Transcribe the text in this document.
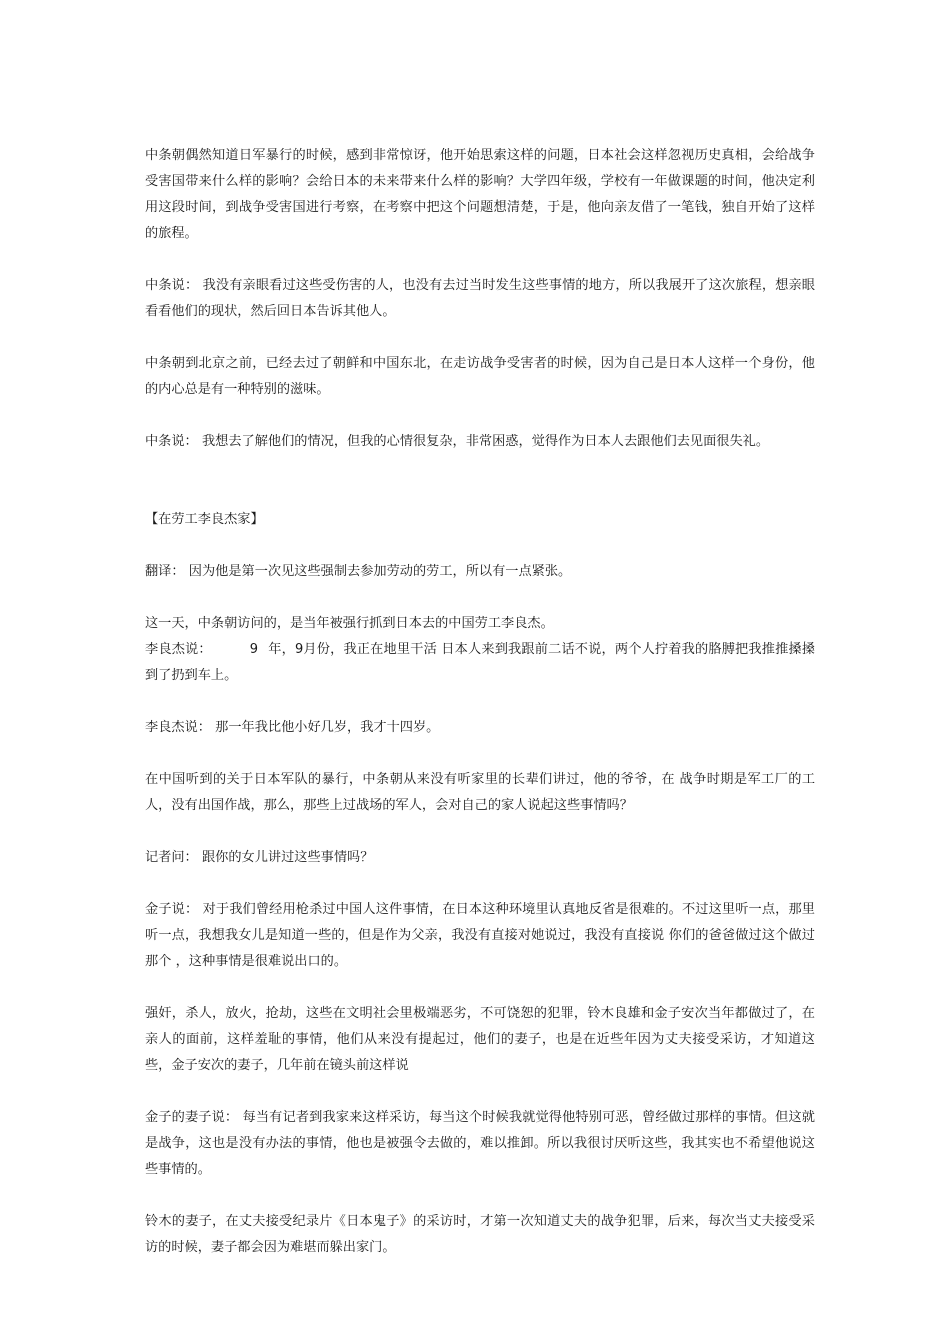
中条朝偶然知道日军暴行的时候，感到非常惊讶，他开始思索这样的问题，日本社会这样忽视历史真相，会给战争受害国带来什么样的影响？会给日本的未来带来什么样的影响？大学四年级，学校有一年做课题的时间，他决定利用这段时间，到战争受害国进行考察，在考察中把这个问题想清楚，于是，他向亲友借了一笔钱，独自开始了这样的旅程。

中条说： 我没有亲眼看过这些受伤害的人，也没有去过当时发生这些事情的地方，所以我展开了这次旅程，想亲眼看看他们的现状，然后回日本告诉其他人。

中条朝到北京之前，已经去过了朝鲜和中国东北，在走访战争受害者的时候，因为自己是日本人这样一个身份，他的内心总是有一种特别的滋味。

中条说： 我想去了解他们的情况，但我的心情很复杂，非常困惑，觉得作为日本人去跟他们去见面很失礼。

【在劳工李良杰家】

翻译： 因为他是第一次见这些强制去参加劳动的劳工，所以有一点紧张。

这一天，中条朝访问的，是当年被强行抓到日本去的中国劳工李良杰。

李良杰说：	9 年，9月份，我正在地里干活 日本人来到我跟前二话不说，两个人拧着我的胳膊把我推推搡搡 到了扔到车上。

李良杰说： 那一年我比他小好几岁，我才十四岁。

在中国听到的关于日本军队的暴行，中条朝从来没有听家里的长辈们讲过，他的爷爷，在 战争时期是军工厂的工人，没有出国作战，那么，那些上过战场的军人，会对自己的家人说起这些事情吗？

记者问： 跟你的女儿讲过这些事情吗？

金子说： 对于我们曾经用枪杀过中国人这件事情，在日本这种环境里认真地反省是很难的。不过这里听一点，那里听一点，我想我女儿是知道一些的，但是作为父亲，我没有直接对她说过，我没有直接说 你们的爸爸做过这个做过那个 ，这种事情是很难说出口的。

强奸，杀人，放火，抢劫，这些在文明社会里极端恶劣，不可饶恕的犯罪，铃木良雄和金子安次当年都做过了，在亲人的面前，这样羞耻的事情，他们从来没有提起过，他们的妻子，也是在近些年因为丈夫接受采访，才知道这些，金子安次的妻子，几年前在镜头前这样说

金子的妻子说： 每当有记者到我家来这样采访，每当这个时候我就觉得他特别可恶，曾经做过那样的事情。但这就是战争，这也是没有办法的事情，他也是被强令去做的，难以推卸。所以我很讨厌听这些，我其实也不希望他说这些事情的。

铃木的妻子，在丈夫接受纪录片《日本鬼子》的采访时，才第一次知道丈夫的战争犯罪，后来，每次当丈夫接受采访的时候，妻子都会因为难堪而躲出家门。
